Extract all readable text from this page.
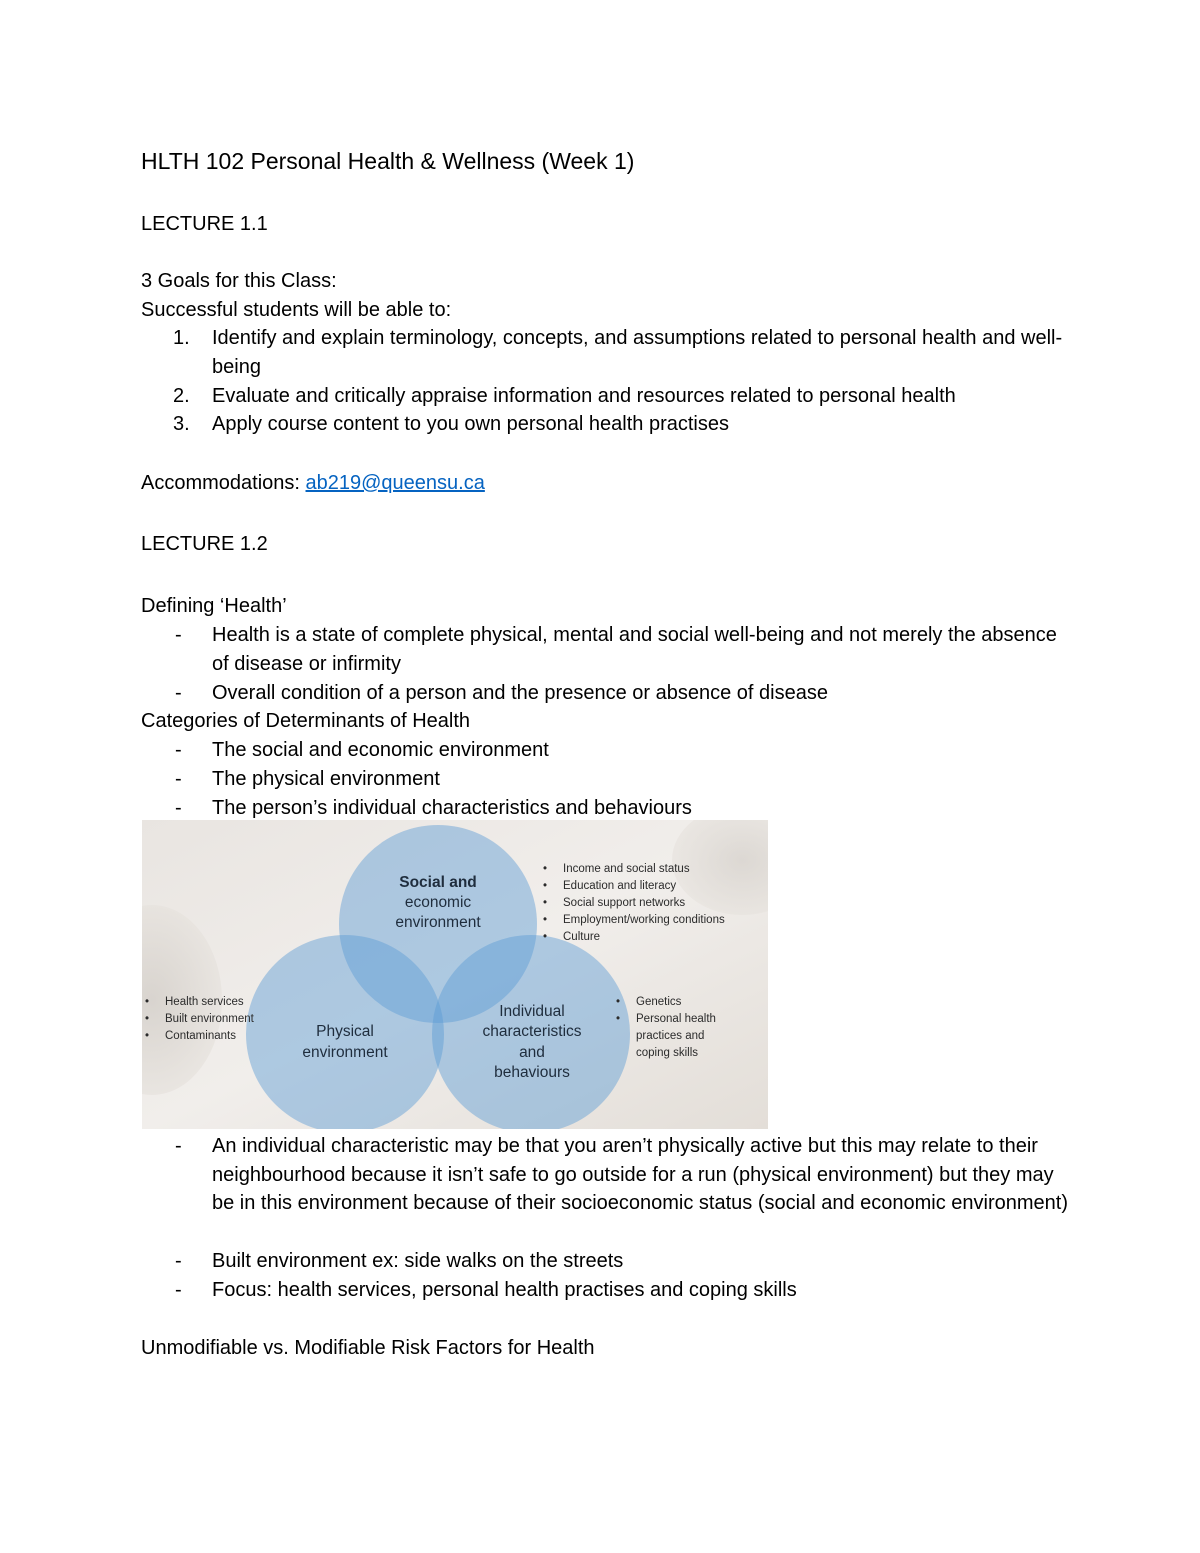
HLTH 102 Personal Health & Wellness (Week 1)
LECTURE 1.1
3 Goals for this Class:
Successful students will be able to:
1. Identify and explain terminology, concepts, and assumptions related to personal health and well-being
2. Evaluate and critically appraise information and resources related to personal health
3. Apply course content to you own personal health practises
Accommodations: ab219@queensu.ca
LECTURE 1.2
Defining ‘Health’
- Health is a state of complete physical, mental and social well-being and not merely the absence of disease or infirmity
- Overall condition of a person and the presence or absence of disease
Categories of Determinants of Health
- The social and economic environment
- The physical environment
- The person’s individual characteristics and behaviours
Social and
economic
environment
Physical
environment
Individual
characteristics
and
behaviours
• Income and social status
• Education and literacy
• Social support networks
• Employment/working conditions
• Culture
• Health services
• Built environment
• Contaminants
• Genetics
• Personal health
practices and
coping skills
- An individual characteristic may be that you aren’t physically active but this may relate to their neighbourhood because it isn’t safe to go outside for a run (physical environment) but they may be in this environment because of their socioeconomic status (social and economic environment)
- Built environment ex: side walks on the streets
- Focus: health services, personal health practises and coping skills
Unmodifiable vs. Modifiable Risk Factors for Health
